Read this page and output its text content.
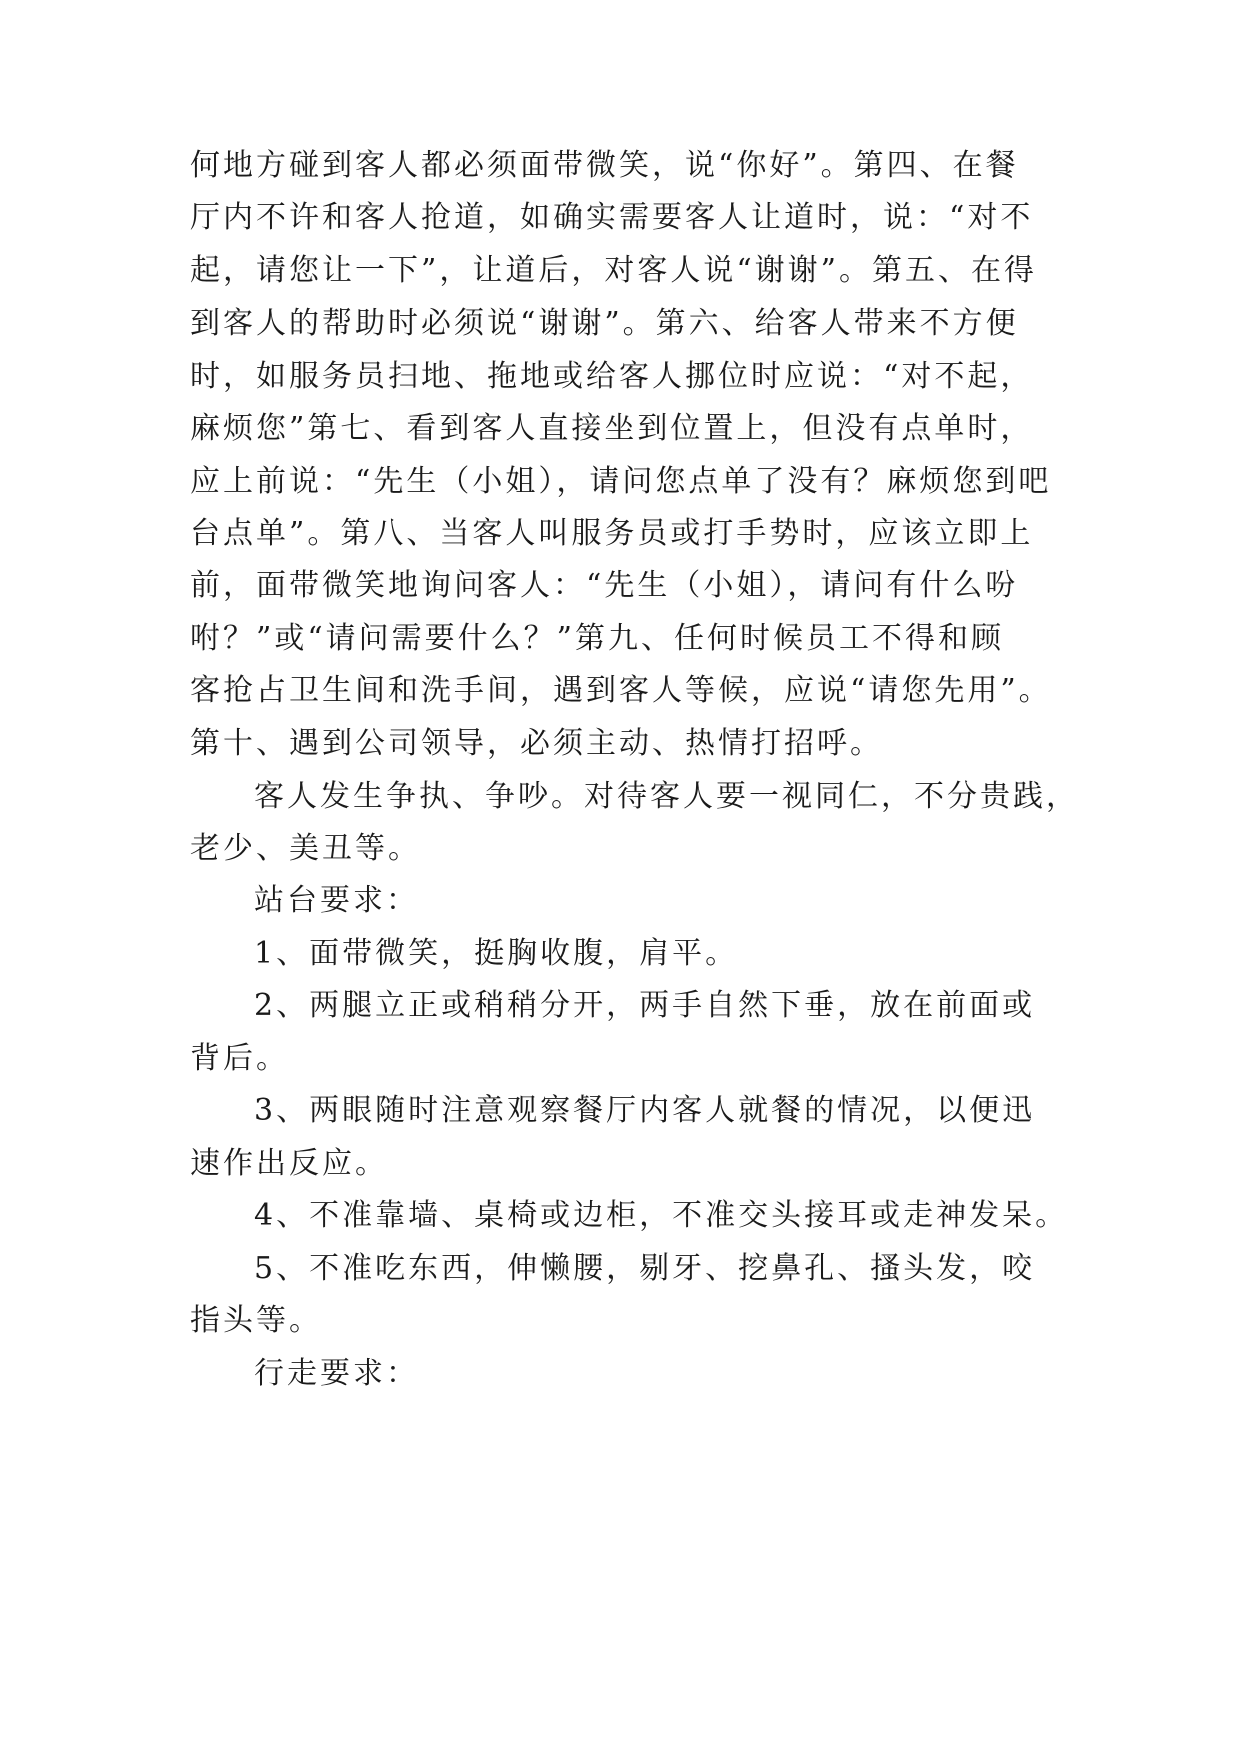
何地方碰到客人都必须面带微笑，说“你好”。第四、在餐
厅内不许和客人抢道，如确实需要客人让道时，说：“对不
起，请您让一下”，让道后，对客人说“谢谢”。第五、在得
到客人的帮助时必须说“谢谢”。第六、给客人带来不方便
时，如服务员扫地、拖地或给客人挪位时应说：“对不起，
麻烦您”第七、看到客人直接坐到位置上，但没有点单时，
应上前说：“先生（小姐），请问您点单了没有？麻烦您到吧
台点单”。第八、当客人叫服务员或打手势时，应该立即上
前，面带微笑地询问客人：“先生（小姐），请问有什么吩
咐？”或“请问需要什么？”第九、任何时候员工不得和顾
客抢占卫生间和洗手间，遇到客人等候，应说“请您先用”。
第十、遇到公司领导，必须主动、热情打招呼。
客人发生争执、争吵。对待客人要一视同仁，不分贵践，
老少、美丑等。
站台要求：
1、面带微笑，挺胸收腹，肩平。
2、两腿立正或稍稍分开，两手自然下垂，放在前面或
背后。
3、两眼随时注意观察餐厅内客人就餐的情况，以便迅
速作出反应。
4、不准靠墙、桌椅或边柜，不准交头接耳或走神发呆。
5、不准吃东西，伸懒腰，剔牙、挖鼻孔、搔头发，咬
指头等。
行走要求：
